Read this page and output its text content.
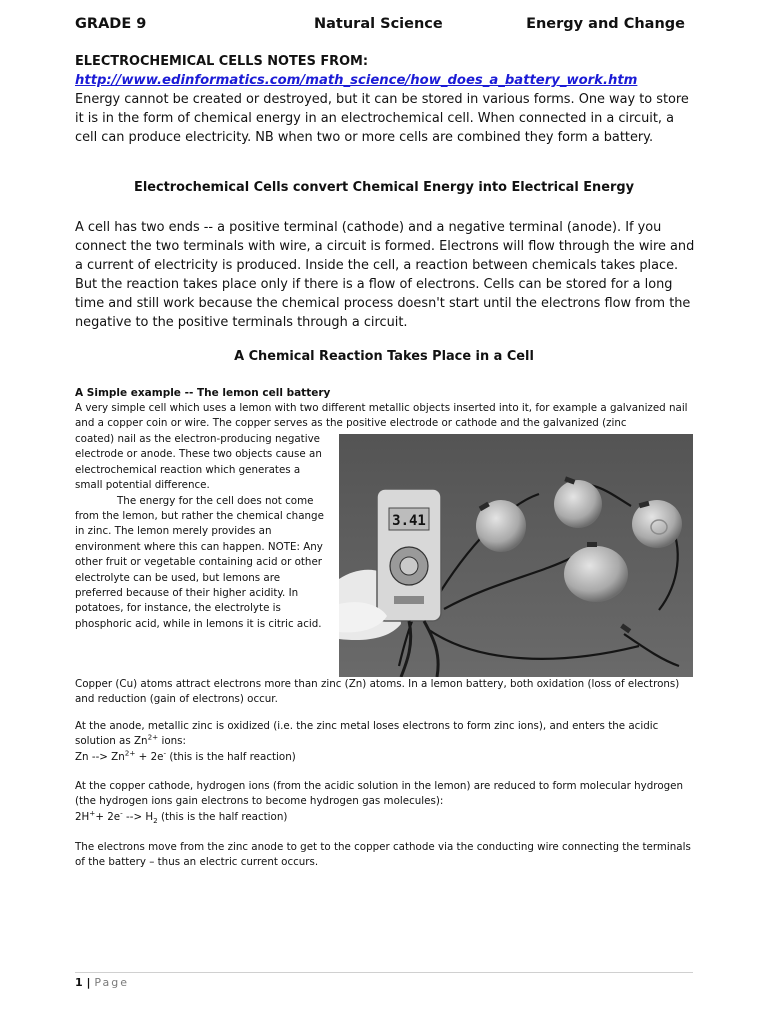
GRADE 9	Natural Science	Energy and Change
ELECTROCHEMICAL CELLS NOTES FROM:
http://www.edinformatics.com/math_science/how_does_a_battery_work.htm

Energy cannot be created or destroyed, but it can be stored in various forms. One way to store it is in the form of chemical energy in an electrochemical cell. When connected in a circuit, a cell can produce electricity. NB when two or more cells are combined they form a battery.

Electrochemical Cells convert Chemical Energy into Electrical Energy

A cell has two ends -- a positive terminal (cathode) and a negative terminal (anode). If you connect the two terminals with wire, a circuit is formed. Electrons will flow through the wire and a current of electricity is produced. Inside the cell, a reaction between chemicals takes place. But the reaction takes place only if there is a flow of electrons. Cells can be stored for a long time and still work because the chemical process doesn't start until the electrons flow from the negative to the positive terminals through a circuit.

A Chemical Reaction Takes Place in a Cell
A Simple example -- The lemon cell battery

A very simple cell which uses a lemon with two different metallic objects inserted into it, for example a galvanized nail and a copper coin or wire. The copper serves as the positive electrode or cathode and the galvanized (zinc

coated) nail as the electron-producing negative electrode or anode. These two objects cause an electrochemical reaction which generates a small potential difference.
The energy for the cell does not come from the lemon, but rather the chemical change in zinc. The lemon merely provides an environment where this can happen. NOTE: Any other fruit or vegetable containing acid or other electrolyte can be used, but lemons are preferred because of their higher acidity. In potatoes, for instance, the electrolyte is phosphoric acid, while in lemons it is citric acid.
3.41

Copper (Cu) atoms attract electrons more than zinc (Zn) atoms. In a lemon battery, both oxidation (loss of electrons) and reduction (gain of electrons) occur.

At the anode, metallic zinc is oxidized (i.e. the zinc metal loses electrons to form zinc ions), and enters the acidic solution as $Zn^{2+}$ ions:
Zn --> $Zn^{2+} + 2e^-$ (this is the half reaction)
At the copper cathode, hydrogen ions (from the acidic solution in the lemon) are reduced to form molecular hydrogen (the hydrogen ions gain electrons to become hydrogen gas molecules):
2H++ 2e- --> $H_2$ (this is the half reaction)

The electrons move from the zinc anode to get to the copper cathode via the conducting wire connecting the terminals of the battery – thus an electric current occurs.

1 | Page
